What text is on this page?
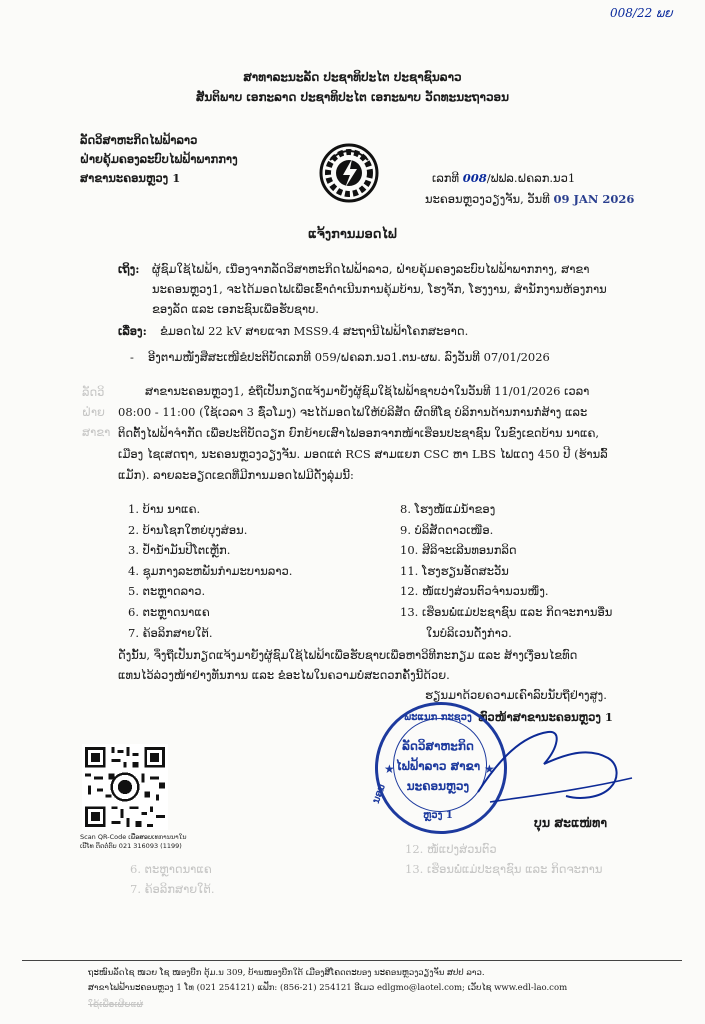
008/22 ພຍ
ສາທາລະນະລັດ ປະຊາທິປະໄຕ ປະຊາຊົນລາວ
ສັນຕິພາບ ເອກະລາດ ປະຊາທິປະໄຕ ເອກະພາບ ວັດທະນະຖາວອນ
ລັດວິສາຫະກິດໄຟຟ້າລາວ
ຝ່າຍຄຸ້ມຄອງລະບົບໄຟຟ້າພາກກາງ
ສາຂານະຄອນຫຼວງ 1	ເລກທີ 008/ຟຟລ.ຝຄລກ.ນວ1
ນະຄອນຫຼວງວຽງຈັນ, ວັນທີ 09 JAN 2026
ແຈ້ງການມອດໄຟ
ເຖິງ: ຜູ້ຊົມໃຊ້ໄຟຟ້າ, ເນື່ອງຈາກລັດວິສາຫະກິດໄຟຟ້າລາວ, ຝ່າຍຄຸ້ມຄອງລະບົບໄຟຟ້າພາກກາງ, ສາຂາ
ນະຄອນຫຼວງ1, ຈະໄດ້ມອດໄຟເພື່ອເຂົ້າດຳເນີນການຄຸ້ມບ້ານ, ໂຮງຈັກ, ໂຮງງານ, ສຳນັກງານຫ້ອງການ
ຂອງລັດ ແລະ ເອກະຊົນເພື່ອຮັບຊາບ.
ເລື່ອງ: ຂໍມອດໄຟ 22 kV ສາຍແຈກ MSS9.4 ສະຖານີໄຟຟ້າໂຄກສະອາດ.
- ອີງຕາມໜັງສືສະເໜີຂໍປະຕິບັດເລກທີ 059/ຝຄລກ.ນວ1.ຕນ-ຜພ. ລົງວັນທີ 07/01/2026
ລັດວິ
ຝ່າຍ
ສາຂາ
ສາຂານະຄອນຫຼວງ1, ຂໍຖືເປັນກຽດແຈ້ງມາຍັງຜູ້ຊົມໃຊ້ໄຟຟ້າຊາບວ່າໃນວັນທີ 11/01/2026 ເວລາ
08:00 - 11:00 (ໃຊ້ເວລາ 3 ຊົ່ວໂມງ) ຈະໄດ້ມອດໄຟໃຫ້ບໍລິສັດ ຜົດທີໂຊ ບໍລິການດ້ານການກໍ່ສ້າງ ແລະ
ຕິດຕັ້ງໄຟຟ້າຈຳກັດ ເພື່ອປະຕິບັດວຽກ ຍົກຍ້າຍເສົາໄຟອອກຈາກໜ້າເຮືອນປະຊາຊົນ ໃນຂົງເຂດບ້ານ ນາແຄ,
ເມືອງ ໄຊເສດຖາ, ນະຄອນຫຼວງວຽງຈັນ. ມອດແຕ່ RCS ສາມແຍກ CSC ຫາ LBS ໄຟແດງ 450 ປີ (ຮ້ານລົ້
ແມັກ). ລາຍລະອຽດເຂດທີ່ມີການມອດໄຟມີດັ່ງລຸ່ມນີ້:
1. ບ້ານ ນາແຄ.
2. ບ້ານໂຊກໃຫຍ່ບຸງສ່ອນ.
3. ປໍ້ານ້ຳມັນປີໂຕເຫຼັກ.
4. ຊຸມກາງລະຫພັນກຳມະບານລາວ.
5. ຕະຫຼາດລາວ.
6. ຕະຫຼາດນາແຄ
7. ຄ້ອລິກສາຍໃຕ້.
8. ໂຮງໜໍ້ແມ່ນ້ຳຂອງ
9. ບໍລິສັດດາວເໜືອ.
10. ສີລິຈະເລີນທອນກລິດ
11. ໂຮງຮຽນອັດສະວັນ
12. ໜໍ້ແປງສ່ວນຕົວຈຳນວນໜຶ່ງ.
13. ເຮືອນພໍ່ແມ່ປະຊາຊົນ ແລະ ກິດຈະການອື່ນ
ໃນບໍລິເວນດັ່ງກ່າວ.
ດັ່ງນັ້ນ, ຈຶ່ງຖືເປັນກຽດແຈ້ງມາຍັງຜູ້ຊົມໃຊ້ໄຟຟ້າເພື່ອຮັບຊາບເພື່ອຫາວິທີກະກຽມ ແລະ ສ້າງເງື່ອນໄຂທົດ
ແທນໄວ້ລ່ວງໜ້າຢ່າງທັນການ ແລະ ຂໍອະໄພໃນຄວາມບໍ່ສະດວກຄັ້ງນີ້ດ້ວຍ.
ຮຽນມາດ້ວຍຄວາມເຄົາລົບນັບຖືຢ່າງສູງ.
ຫົວໜ້າສາຂານະຄອນຫຼວງ 1
ພະແນກ ກະຊວງ
ລັດວິສາຫະກິດ
ໄຟຟ້າລາວ ສາຂາ
ນະຄອນຫຼວງ
ຫຼວງ 1
ນອນ
★	★
ບຸນ ສະແໜ່ທາ
Scan QR-Code ເພື່ອສອບເທການນາໃນ
ເບີໂທ ຕິດຕໍ່ຕົບ 021 316093 (1199)
6. ຕະຫຼາດນາແຄ
7. ຄ້ອລິກສາຍໃຕ້.
12. ໜໍ້ແປງສ່ວນຕົວ
13. ເຮືອນພໍ່ແມ່ປະຊາຊົນ ແລະ ກິດຈະການ
ຖະໜົນລັດໄຊ ໜວຍ ໂຊ ໜອງບືກ ຕຸ້ມ.ນ 309, ບ້ານໜອງບືກໃຕ້ ເມືອງສີໂຄດຕະບອງ ນະຄອນຫຼວງວຽງຈັນ ສປປ ລາວ.
ສາຂາໄຟຟ້ານະຄອນຫຼວງ 1 ໂທ (021 254121) ແຟັກ: (856-21) 254121 ອີເມວ edlgmo@laotel.com; ເວັບໄຊ www.edl-lao.com
ໃຊ້ເພື່ອເຜີຍແຜ່
